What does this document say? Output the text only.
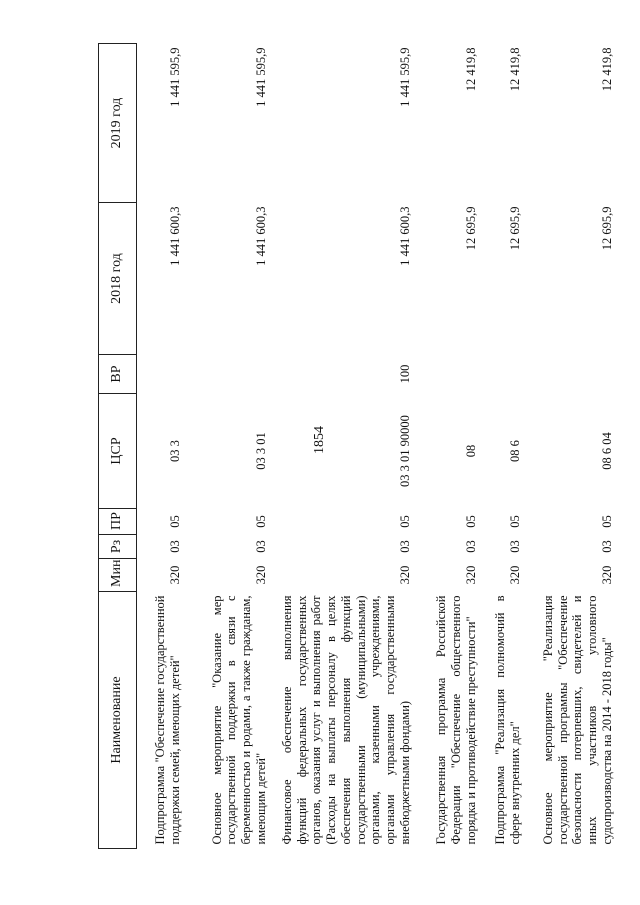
1854
Наименование	Мин	Рз	ПР	ЦСР	ВР	2018 год	2019 год
Подпрограмма "Обеспечение государственной поддержки семей, имеющих детей"	320	03	05	03 3		1 441 600,3	1 441 595,9
Основное мероприятие "Оказание мер государственной поддержки в связи с беременностью и родами, а также гражданам, имеющим детей"	320	03	05	03 3 01		1 441 600,3	1 441 595,9
Финансовое обеспечение выполнения функций федеральных государственных органов, оказания услуг и выполнения работ (Расходы на выплаты персоналу в целях обеспечения выполнения функций государственными (муниципальными) органами, казенными учреждениями, органами управления государственными внебюджетными фондами)	320	03	05	03 3 01 90000	100	1 441 600,3	1 441 595,9
Государственная программа Российской Федерации "Обеспечение общественного порядка и противодействие преступности"	320	03	05	08		12 695,9	12 419,8
Подпрограмма "Реализация полномочий в сфере внутренних дел"	320	03	05	08 6		12 695,9	12 419,8
Основное мероприятие "Реализация государственной программы "Обеспечение безопасности потерпевших, свидетелей и иных участников уголовного судопроизводства на 2014 - 2018 годы"	320	03	05	08 6 04		12 695,9	12 419,8
